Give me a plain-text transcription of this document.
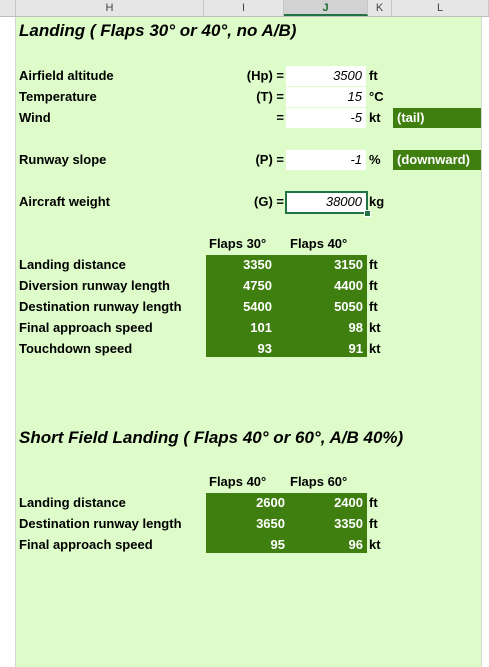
H	I	J	K	L
Landing ( Flaps 30° or 40°, no A/B)
Airfield altitude	(Hp) =	3500 ft
Temperature	(T) =	15 °C
Wind	=	-5 kt	(tail)
Runway slope	(P) =	-1 %	(downward)
Aircraft weight	(G) =	38000 kg
Flaps 30° Flaps 40°
Landing distance	3350	3150 ft
Diversion runway length	4750	4400 ft
Destination runway length	5400	5050 ft
Final approach speed	101	98 kt
Touchdown speed	93	91 kt
Short Field Landing ( Flaps 40° or 60°, A/B 40%)
Flaps 40° Flaps 60°
Landing distance	2600	2400 ft
Destination runway length	3650	3350 ft
Final approach speed	95	96 kt
